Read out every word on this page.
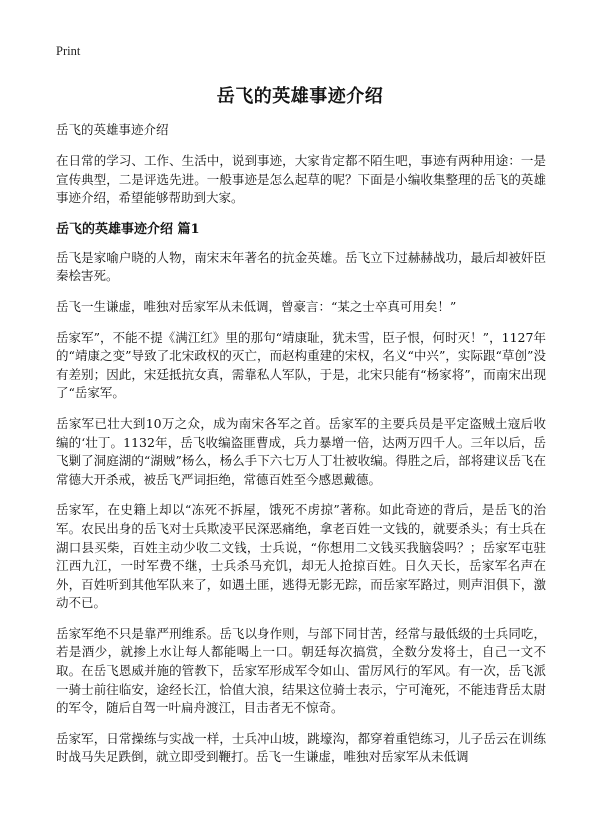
Print
岳飞的英雄事迹介绍

岳飞的英雄事迹介绍

在日常的学习、工作、生活中，说到事迹，大家肯定都不陌生吧，事迹有两种用途：一是宣传典型，二是评选先进。一般事迹是怎么起草的呢？下面是小编收集整理的岳飞的英雄事迹介绍，希望能够帮助到大家。

岳飞的英雄事迹介绍 篇1

岳飞是家喻户晓的人物，南宋末年著名的抗金英雄。岳飞立下过赫赫战功，最后却被奸臣秦桧害死。

岳飞一生谦虚，唯独对岳家军从未低调，曾豪言：“某之士卒真可用矣！”

岳家军”，不能不提《满江红》里的那句“靖康耻，犹未雪，臣子恨，何时灭！”，1127年的“靖康之变”导致了北宋政权的灭亡，而赵构重建的宋权，名义“中兴”，实际跟“草创”没有差别；因此，宋廷抵抗女真，需靠私人军队，于是，北宋只能有“杨家将”，而南宋出现了“岳家军。

岳家军已壮大到10万之众，成为南宋各军之首。岳家军的主要兵员是平定盗贼土寇后收编的‘壮丁。1132年，岳飞收编盗匪曹成，兵力暴增一倍，达两万四千人。三年以后，岳飞剿了洞庭湖的“湖贼”杨么，杨么手下六七万人丁壮被收编。得胜之后，部将建议岳飞在常德大开杀戒，被岳飞严词拒绝，常德百姓至今感恩戴德。

岳家军，在史籍上却以“冻死不拆屋，饿死不虏掠”著称。如此奇迹的背后，是岳飞的治军。农民出身的岳飞对士兵欺凌平民深恶痛绝，拿老百姓一文钱的，就要杀头；有士兵在湖口县买柴，百姓主动少收二文钱，士兵说，“你想用二文钱买我脑袋吗？；岳家军屯驻江西九江，一时军费不继，士兵杀马充饥，却无人抢掠百姓。日久天长，岳家军名声在外，百姓听到其他军队来了，如遇土匪，逃得无影无踪，而岳家军路过，则声泪俱下，激动不已。

岳家军绝不只是靠严刑维系。岳飞以身作则，与部下同甘苦，经常与最低级的士兵同吃，若是酒少，就掺上水让每人都能喝上一口。朝廷每次搞赏，全数分发将士，自己一文不取。在岳飞恩威并施的管教下，岳家军形成军令如山、雷厉风行的军风。有一次，岳飞派一骑士前往临安，途经长江，恰值大浪，结果这位骑士表示，宁可淹死，不能违背岳太尉的军令，随后自驾一叶扁舟渡江，目击者无不惊奇。

岳家军，日常操练与实战一样，士兵冲山坡，跳壕沟，都穿着重铠练习，儿子岳云在训练时战马失足跌倒，就立即受到鞭打。岳飞一生谦虚，唯独对岳家军从未低调
